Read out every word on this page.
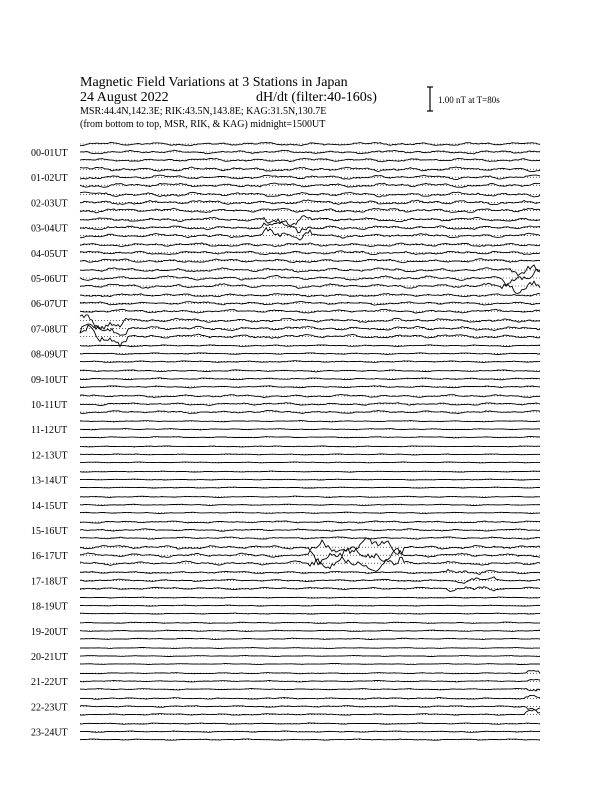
Magnetic Field Variations at 3 Stations in Japan
24 August 2022	dH/dt (filter:40-160s)
MSR:44.4N,142.3E; RIK:43.5N,143.8E; KAG:31.5N,130.7E
(from bottom to top, MSR, RIK, & KAG) midnight=1500UT
1.00 nT at T=80s
00-01UT
01-02UT
02-03UT
03-04UT
04-05UT
05-06UT
06-07UT
07-08UT
08-09UT
09-10UT
10-11UT
11-12UT
12-13UT
13-14UT
14-15UT
15-16UT
16-17UT
17-18UT
18-19UT
19-20UT
20-21UT
21-22UT
22-23UT
23-24UT
